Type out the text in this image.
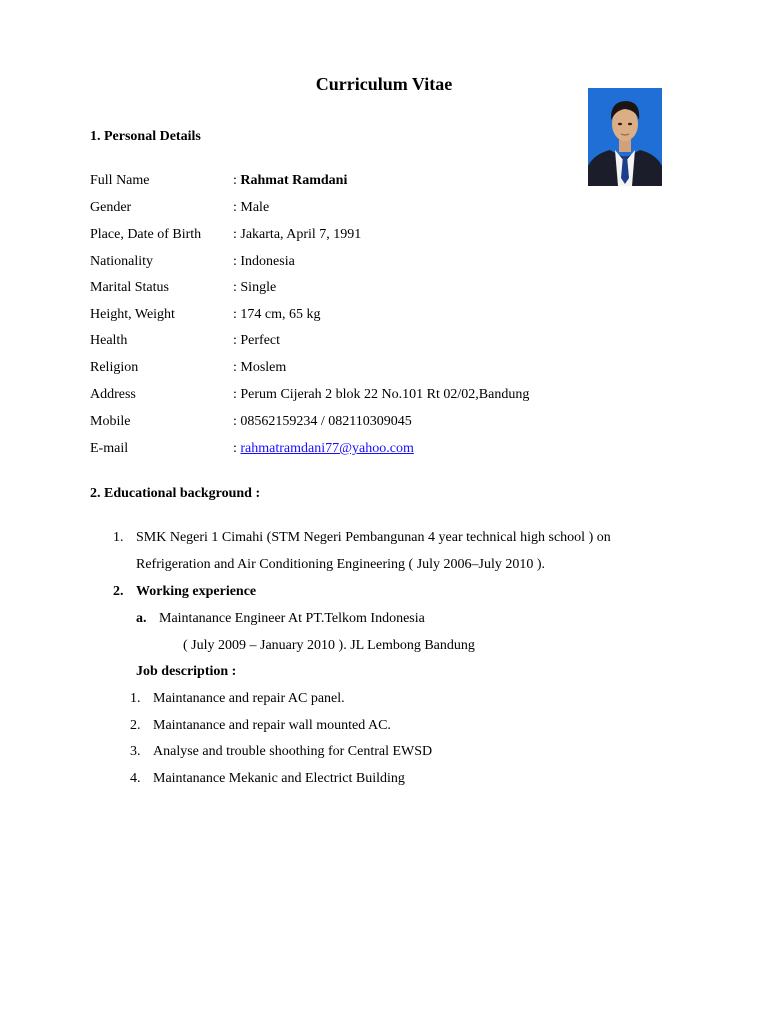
Curriculum Vitae
1. Personal Details
Full Name	: Rahmat Ramdani
Gender	: Male
Place, Date of Birth	: Jakarta, April 7, 1991
Nationality	: Indonesia
Marital Status	: Single
Height, Weight	: 174 cm, 65 kg
Health	: Perfect
Religion	: Moslem
Address	: Perum Cijerah 2 blok 22 No.101 Rt 02/02,Bandung
Mobile	: 08562159234 / 082110309045
E-mail	: rahmatramdani77@yahoo.com
2. Educational background :
1. SMK Negeri 1 Cimahi (STM Negeri Pembangunan 4 year technical high school ) on
Refrigeration and Air Conditioning Engineering ( July 2006–July 2010 ).
2. Working experience
a. Maintanance Engineer At PT.Telkom Indonesia
( July 2009 – January 2010 ). JL Lembong Bandung
Job description :
1. Maintanance and repair AC panel.
2. Maintanance and repair wall mounted AC.
3. Analyse and trouble shoothing for Central EWSD
4. Maintanance Mekanic and Electrict Building
